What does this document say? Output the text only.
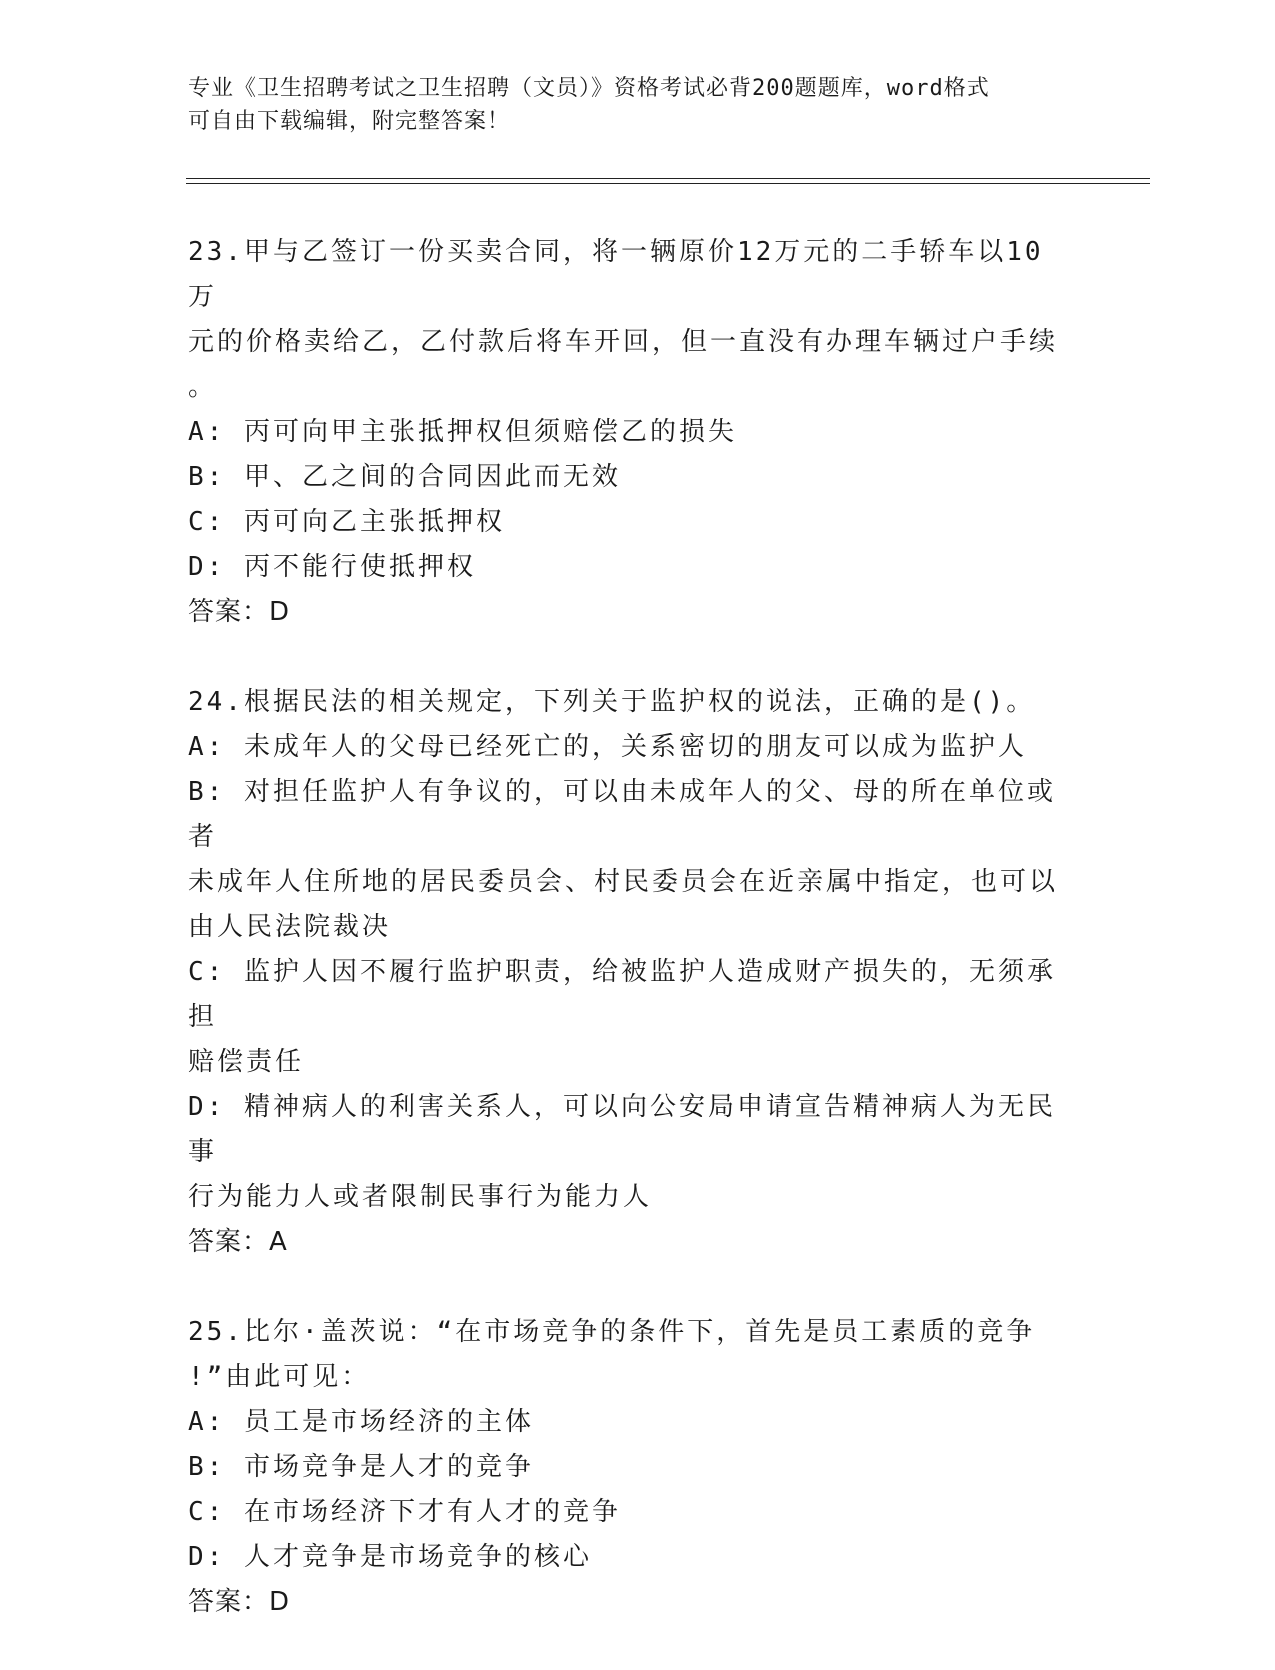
专业《卫生招聘考试之卫生招聘（文员）》资格考试必背200题题库，word格式
可自由下载编辑，附完整答案！
23.甲与乙签订一份买卖合同，将一辆原价12万元的二手轿车以10万
元的价格卖给乙，乙付款后将车开回，但一直没有办理车辆过户手续
。
A: 丙可向甲主张抵押权但须赔偿乙的损失
B: 甲、乙之间的合同因此而无效
C: 丙可向乙主张抵押权
D: 丙不能行使抵押权
答案：D
24.根据民法的相关规定，下列关于监护权的说法，正确的是()。
A: 未成年人的父母已经死亡的，关系密切的朋友可以成为监护人
B: 对担任监护人有争议的，可以由未成年人的父、母的所在单位或者
未成年人住所地的居民委员会、村民委员会在近亲属中指定，也可以
由人民法院裁决
C: 监护人因不履行监护职责，给被监护人造成财产损失的，无须承担
赔偿责任
D: 精神病人的利害关系人，可以向公安局申请宣告精神病人为无民事
行为能力人或者限制民事行为能力人
答案：A
25.比尔·盖茨说：“在市场竞争的条件下，首先是员工素质的竞争
!”由此可见：
A: 员工是市场经济的主体
B: 市场竞争是人才的竞争
C: 在市场经济下才有人才的竞争
D: 人才竞争是市场竞争的核心
答案：D
